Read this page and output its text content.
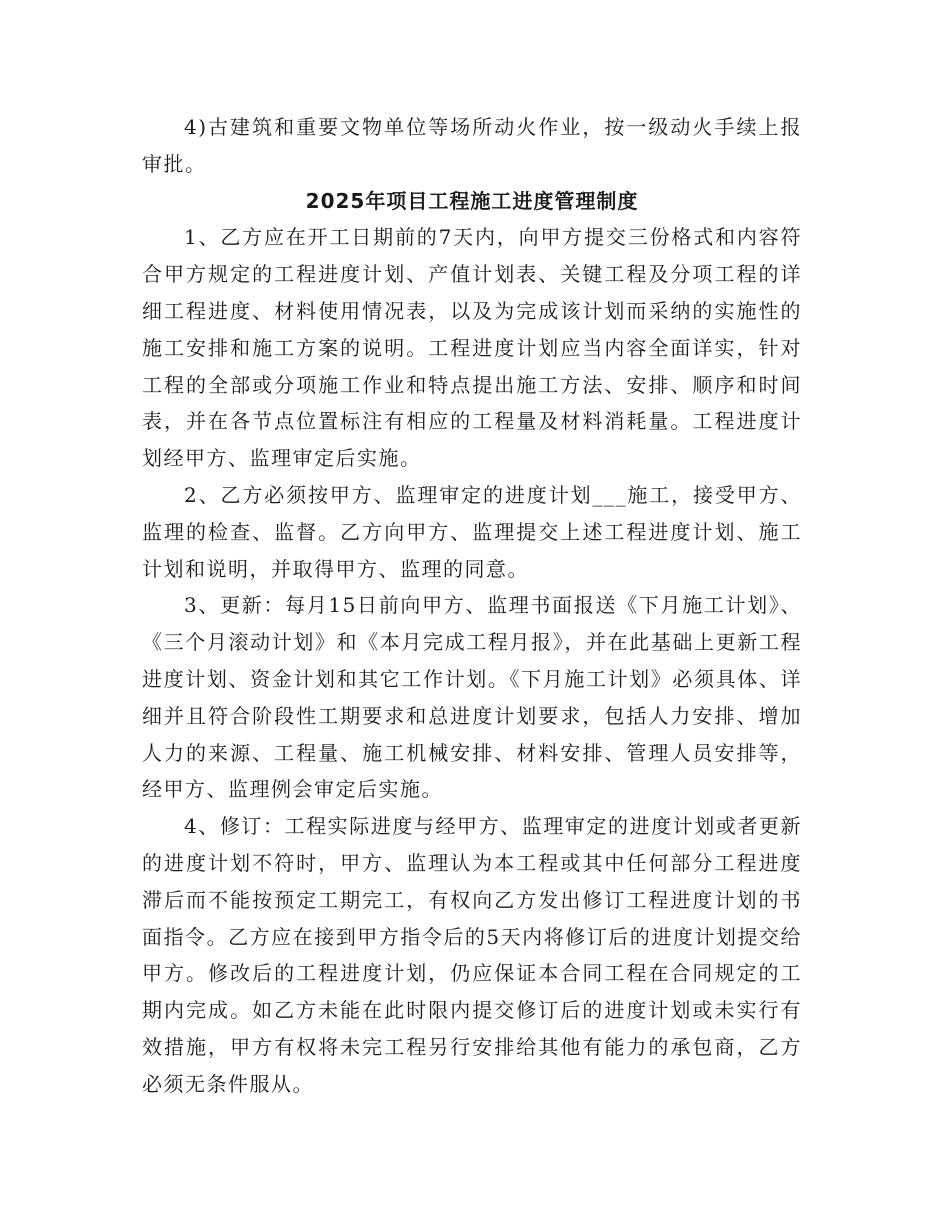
4)古建筑和重要文物单位等场所动火作业，按一级动火手续上报审批。

2025年项目工程施工进度管理制度

1、乙方应在开工日期前的7天内，向甲方提交三份格式和内容符合甲方规定的工程进度计划、产值计划表、关键工程及分项工程的详细工程进度、材料使用情况表，以及为完成该计划而采纳的实施性的施工安排和施工方案的说明。工程进度计划应当内容全面详实，针对工程的全部或分项施工作业和特点提出施工方法、安排、顺序和时间表，并在各节点位置标注有相应的工程量及材料消耗量。工程进度计划经甲方、监理审定后实施。

2、乙方必须按甲方、监理审定的进度计划___施工，接受甲方、监理的检查、监督。乙方向甲方、监理提交上述工程进度计划、施工计划和说明，并取得甲方、监理的同意。

3、更新：每月15日前向甲方、监理书面报送《下月施工计划》、《三个月滚动计划》和《本月完成工程月报》，并在此基础上更新工程进度计划、资金计划和其它工作计划。《下月施工计划》必须具体、详细并且符合阶段性工期要求和总进度计划要求，包括人力安排、增加人力的来源、工程量、施工机械安排、材料安排、管理人员安排等，经甲方、监理例会审定后实施。

4、修订：工程实际进度与经甲方、监理审定的进度计划或者更新的进度计划不符时，甲方、监理认为本工程或其中任何部分工程进度滞后而不能按预定工期完工，有权向乙方发出修订工程进度计划的书面指令。乙方应在接到甲方指令后的5天内将修订后的进度计划提交给甲方。修改后的工程进度计划，仍应保证本合同工程在合同规定的工期内完成。如乙方未能在此时限内提交修订后的进度计划或未实行有效措施，甲方有权将未完工程另行安排给其他有能力的承包商，乙方必须无条件服从。
